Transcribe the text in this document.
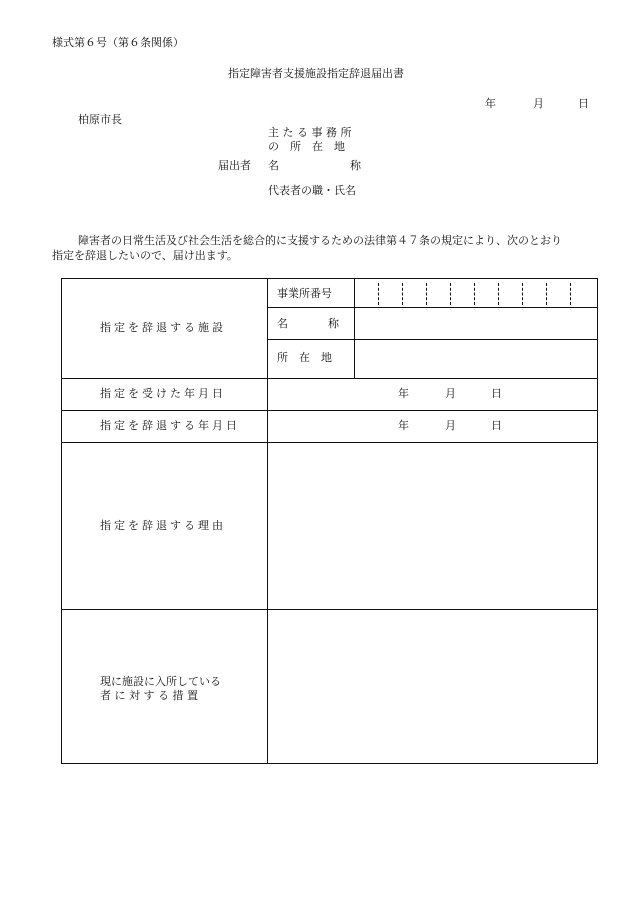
様式第６号（第６条関係）
指定障害者支援施設指定辞退届出書
年	月	日
柏原市長
主 た る 事 務 所
の　所　在　地
届出者 名	称
代表者の職・氏名
障害者の日常生活及び社会生活を総合的に支援するための法律第４７条の規定により、次のとおり
指定を辞退したいので、届け出ます。
指定を辞退する施設
事業所番号
名	称
所　在　地
指定を受けた年月日	年	月	日
指定を辞退する年月日	年	月	日
指定を辞退する理由
現に施設に入所している
者 に 対 す る 措 置
